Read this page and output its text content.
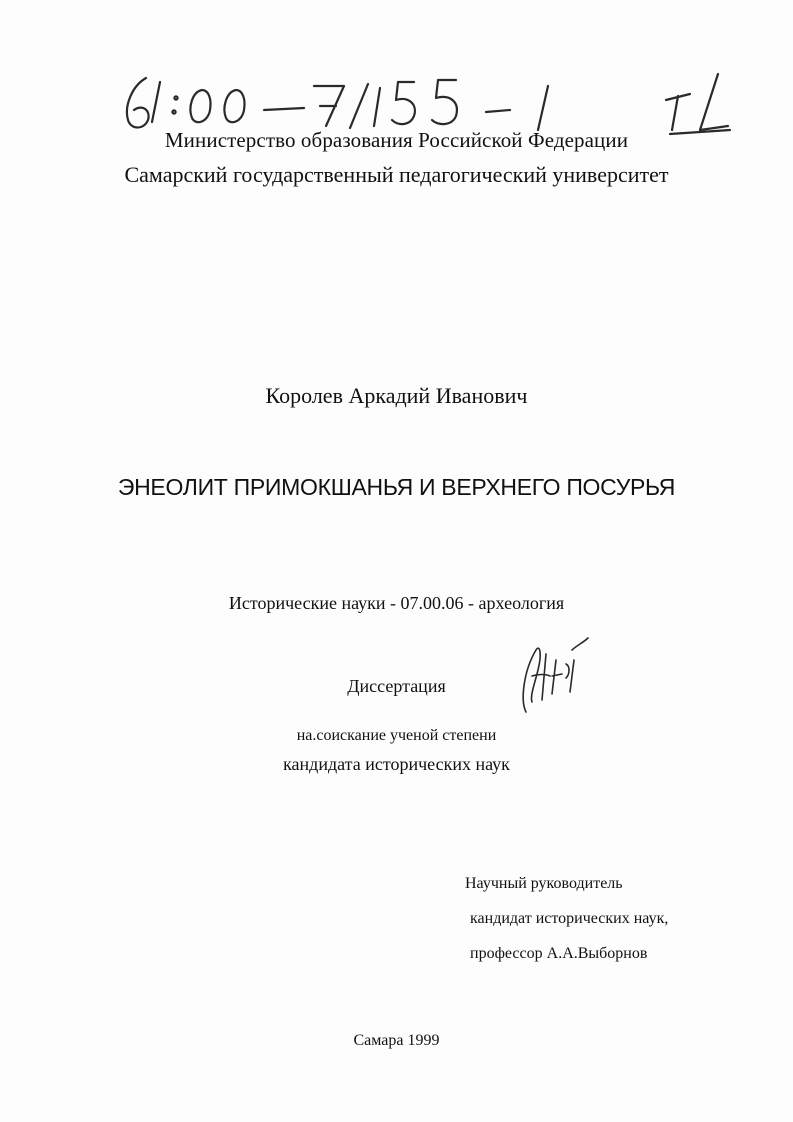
Министерство образования Российской Федерации
Самарский государственный педагогический университет
Королев Аркадий Иванович
ЭНЕОЛИТ ПРИМОКШАНЬЯ И ВЕРХНЕГО ПОСУРЬЯ
Исторические науки - 07.00.06 - археология
Диссертация
на.соискание ученой степени
кандидата исторических наук
Научный руководитель
кандидат исторических наук,
профессор А.А.Выборнов
Самара 1999
